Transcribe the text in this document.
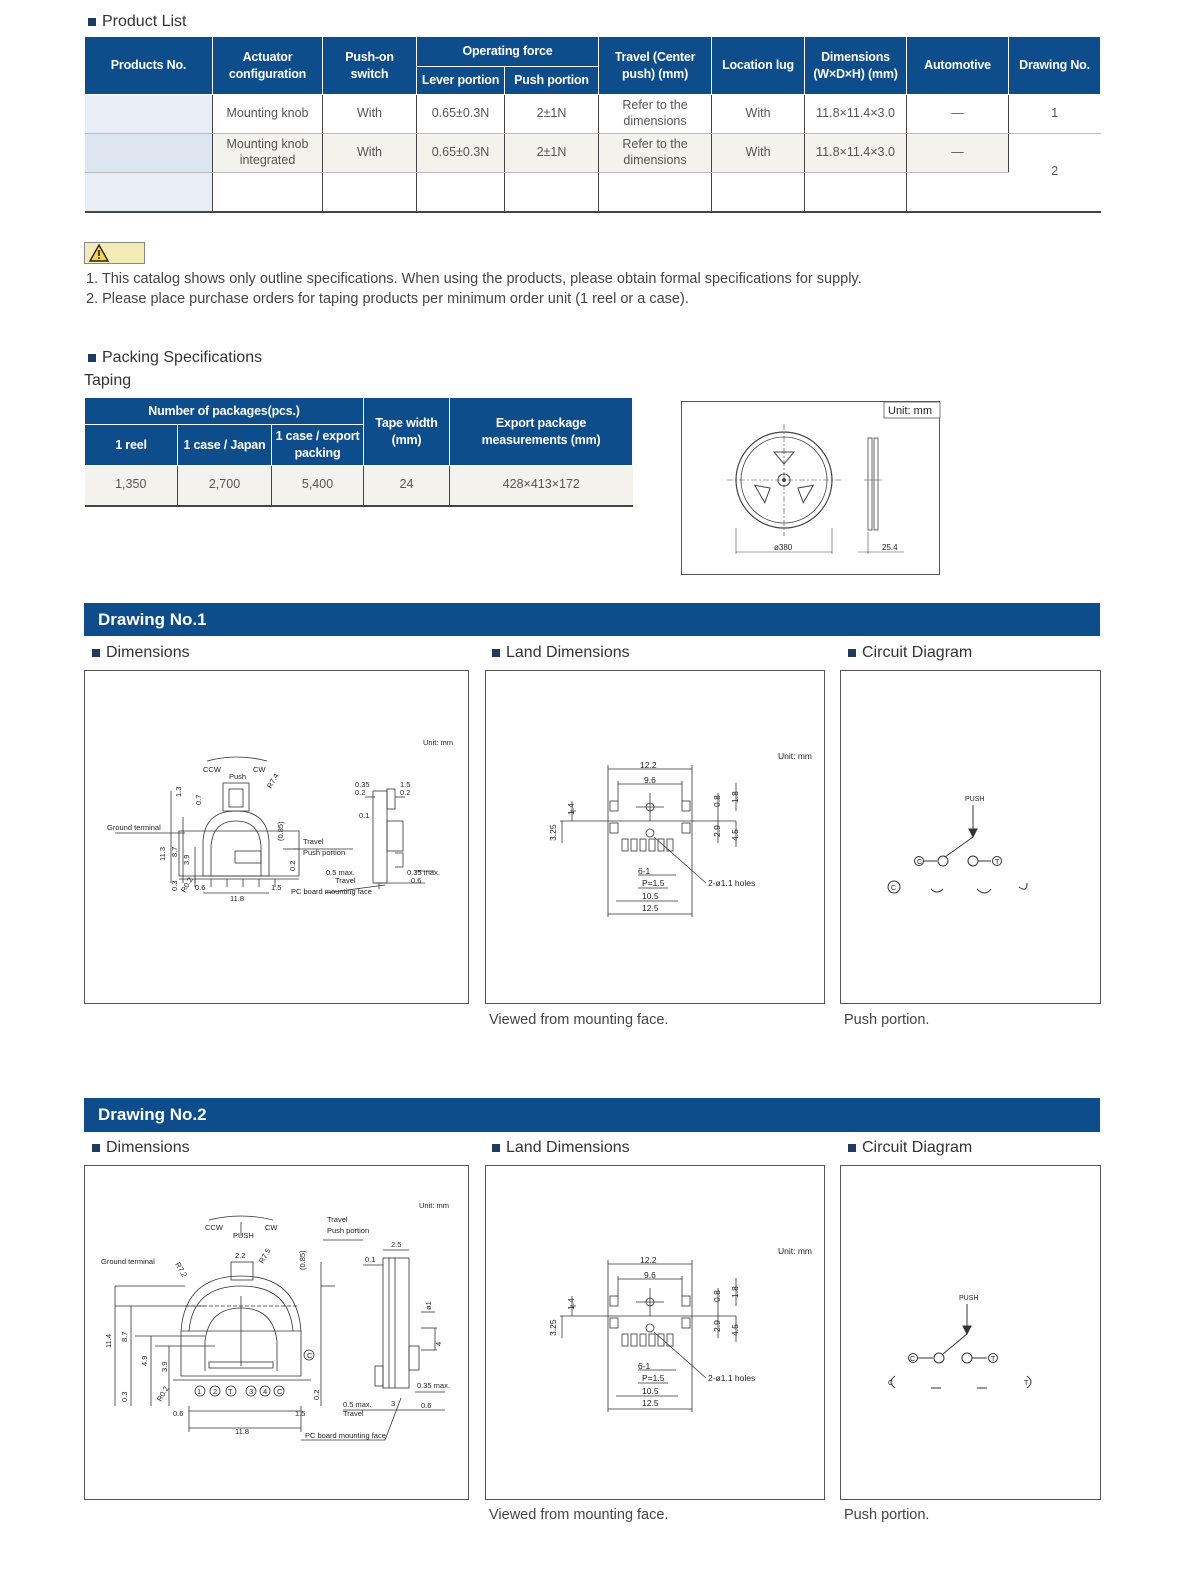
Product List
Products No.	Actuator configuration	Push-on switch	Operating force		Travel (Center push) (mm)	Location lug	Dimensions (W×D×H) (mm)	Automotive	Drawing No.
			Lever portion	Push portion					
	Mounting knob	With	0.65±0.3N	2±1N	Refer to the dimensions	With	11.8×11.4×3.0	—	1
	Mounting knob integrated	With	0.65±0.3N	2±1N	Refer to the dimensions	With	11.8×11.4×3.0	—	2

1. This catalog shows only outline specifications. When using the products, please obtain formal specifications for supply.
2. Please place purchase orders for taping products per minimum order unit (1 reel or a case).
Packing Specifications
Taping
Number of packages(pcs.)			Tape width (mm)	Export package measurements (mm)
1 reel	1 case / Japan	1 case / export packing		
1,350	2,700	5,400	24	428×413×172
Unit: mm
ø380	25.4
Drawing No.1
Dimensions	Land Dimensions	Circuit Diagram
Unit: mm
CCW	CW
Push	R7.4
Ground terminal
Travel
Push portion
0.5 max.
Travel
PC board mounting face
11.8
11.3 8.7
3.9
R0.2
0.3 0.6	1.5
(0.85)
0.2
0.35
0.2
0.1
1.5
0.2
0.35 max.
0.6
1.3
0.7
Unit: mm
12.2
9.6
1.4
3.25
0.8 1.8
2.9 4.5
6-1
P=1.5
10.5
12.5
2-ø1.1 holes
PUSH
C	T
C
Viewed from mounting face.	Push portion.
Drawing No.2
Dimensions	Land Dimensions	Circuit Diagram
Unit: mm
CCW	CW
PUSH
Travel
Push portion
Ground terminal R7.2
R7.5
2.2	(0.85)
2.5
0.1
ø1
4
11.4 8.7
4.9
3.9
0.3	R0.2
0.6	1.5
0.2
11.8
0.5 max.
Travel
3	0.6
0.35 max.
PC board mounting face
1 2 T 3 4 C
C
Unit: mm
12.2
9.6
1.4
3.25
0.8 1.8
2.9 4.5
6-1
P=1.5
10.5
12.5
2-ø1.1 holes
PUSH
C	T
C	T
Viewed from mounting face.	Push portion.
